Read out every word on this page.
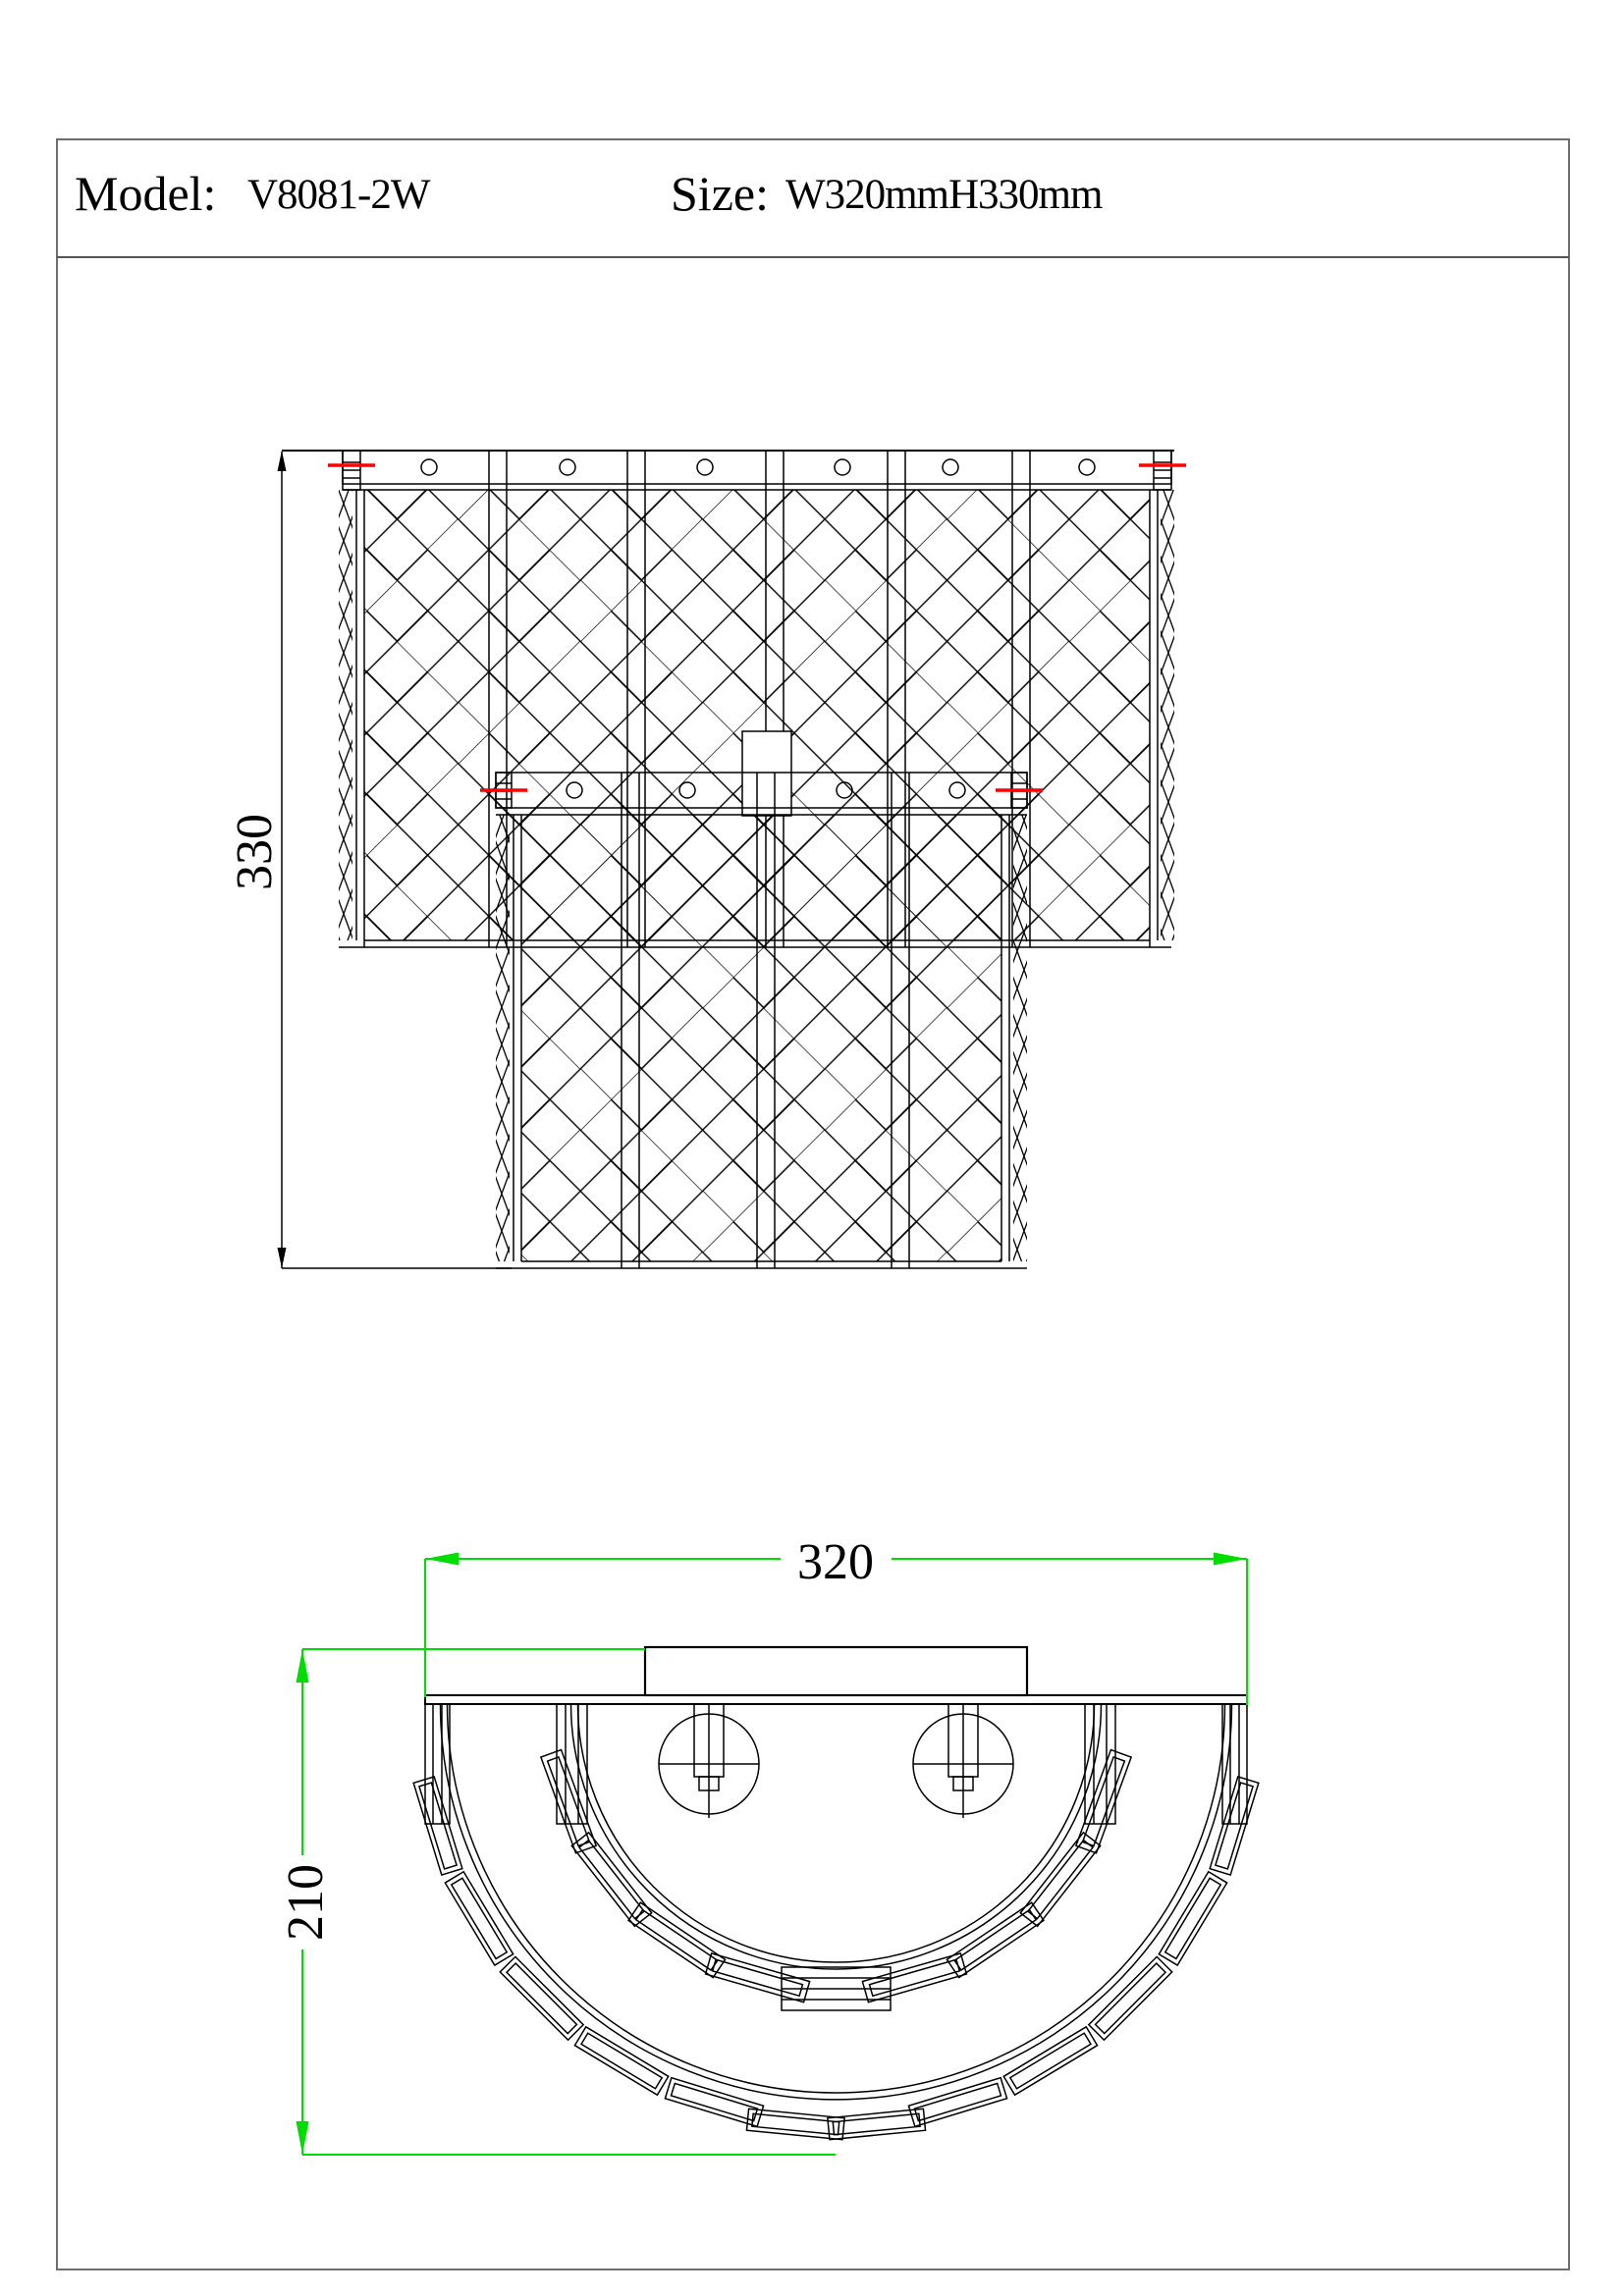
Model: V8081-2W	Size: W320mmH330mm
330
320
210
